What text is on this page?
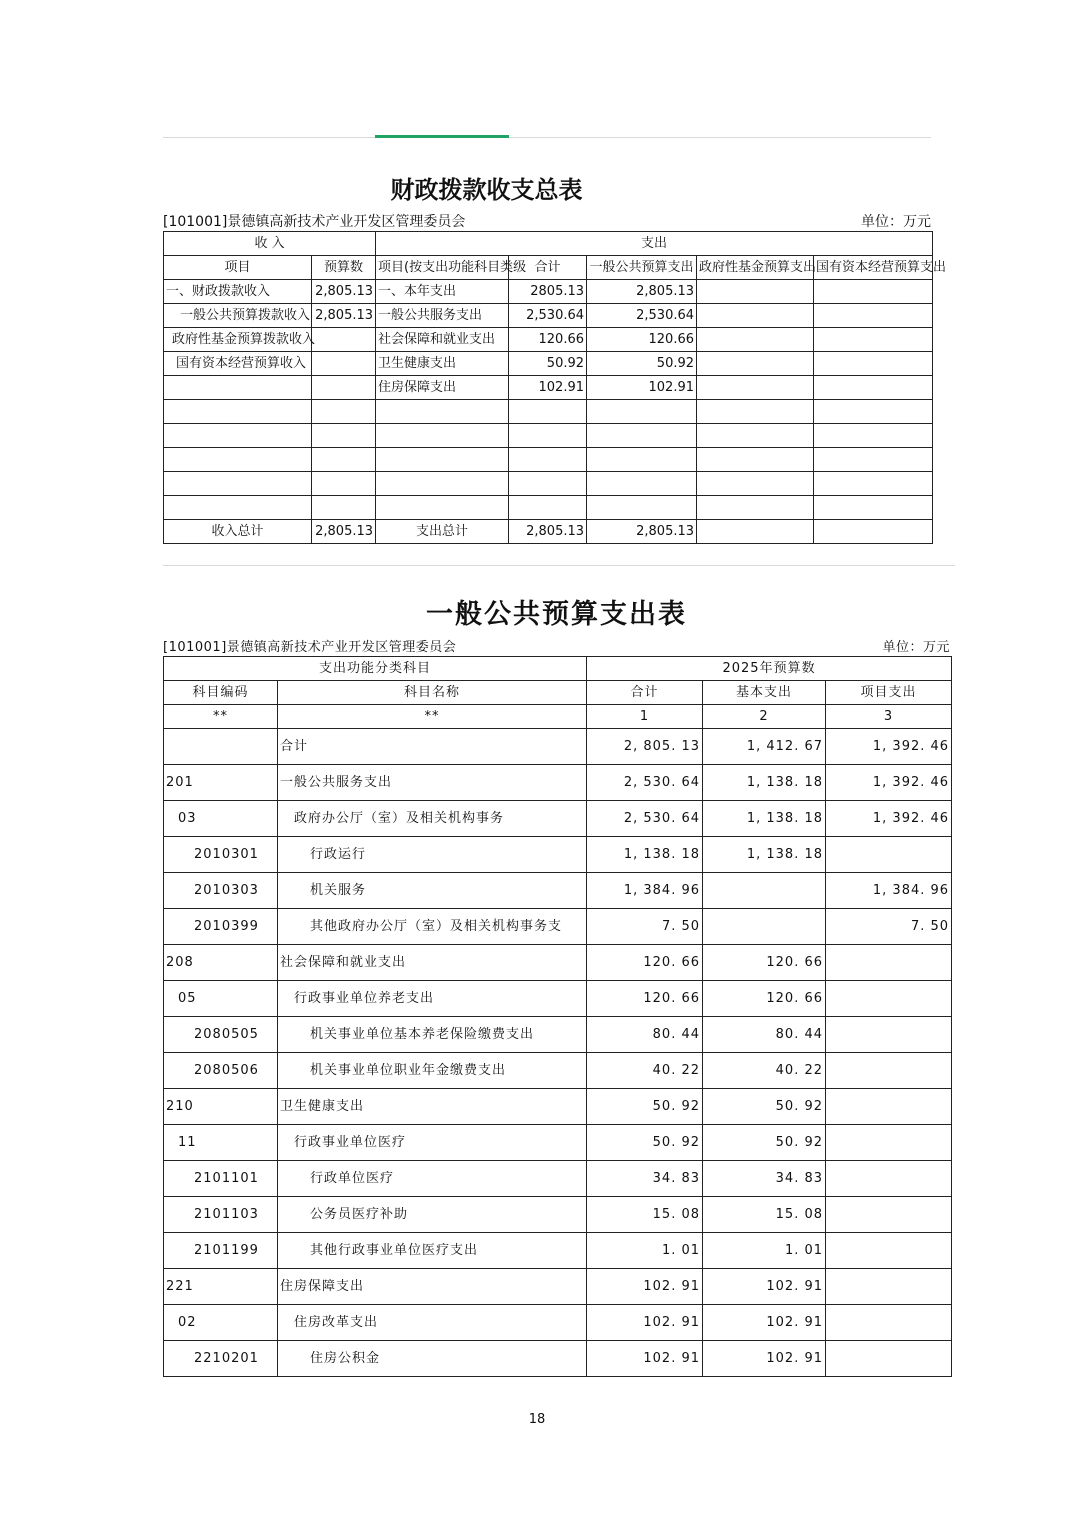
财政拨款收支总表
[101001]景德镇高新技术产业开发区管理委员会	单位：万元
收 入		支出				
项目	预算数	项目(按支出功能科目类级	合计	一般公共预算支出	政府性基金预算支出	国有资本经营预算支出
一、财政拨款收入	2,805.13	一、本年支出	2805.13	2,805.13		
一般公共预算拨款收入	2,805.13	一般公共服务支出	2,530.64	2,530.64		
政府性基金预算拨款收入		社会保障和就业支出	120.66	120.66		
国有资本经营预算收入		卫生健康支出	50.92	50.92		
		住房保障支出	102.91	102.91		

收入总计	2,805.13	支出总计	2,805.13	2,805.13		
一般公共预算支出表
[101001]景德镇高新技术产业开发区管理委员会	单位：万元
支出功能分类科目		2025年预算数		
科目编码	科目名称	合计	基本支出	项目支出
**	**	1	2	3
	合计	2, 805. 13	1, 412. 67	1, 392. 46
201	一般公共服务支出	2, 530. 64	1, 138. 18	1, 392. 46
03	政府办公厅（室）及相关机构事务	2, 530. 64	1, 138. 18	1, 392. 46
2010301	行政运行	1, 138. 18	1, 138. 18	
2010303	机关服务	1, 384. 96		1, 384. 96
2010399	其他政府办公厅（室）及相关机构事务支	7. 50		7. 50
208	社会保障和就业支出	120. 66	120. 66	
05	行政事业单位养老支出	120. 66	120. 66	
2080505	机关事业单位基本养老保险缴费支出	80. 44	80. 44	
2080506	机关事业单位职业年金缴费支出	40. 22	40. 22	
210	卫生健康支出	50. 92	50. 92	
11	行政事业单位医疗	50. 92	50. 92	
2101101	行政单位医疗	34. 83	34. 83	
2101103	公务员医疗补助	15. 08	15. 08	
2101199	其他行政事业单位医疗支出	1. 01	1. 01	
221	住房保障支出	102. 91	102. 91	
02	住房改革支出	102. 91	102. 91	
2210201	住房公积金	102. 91	102. 91	
18
